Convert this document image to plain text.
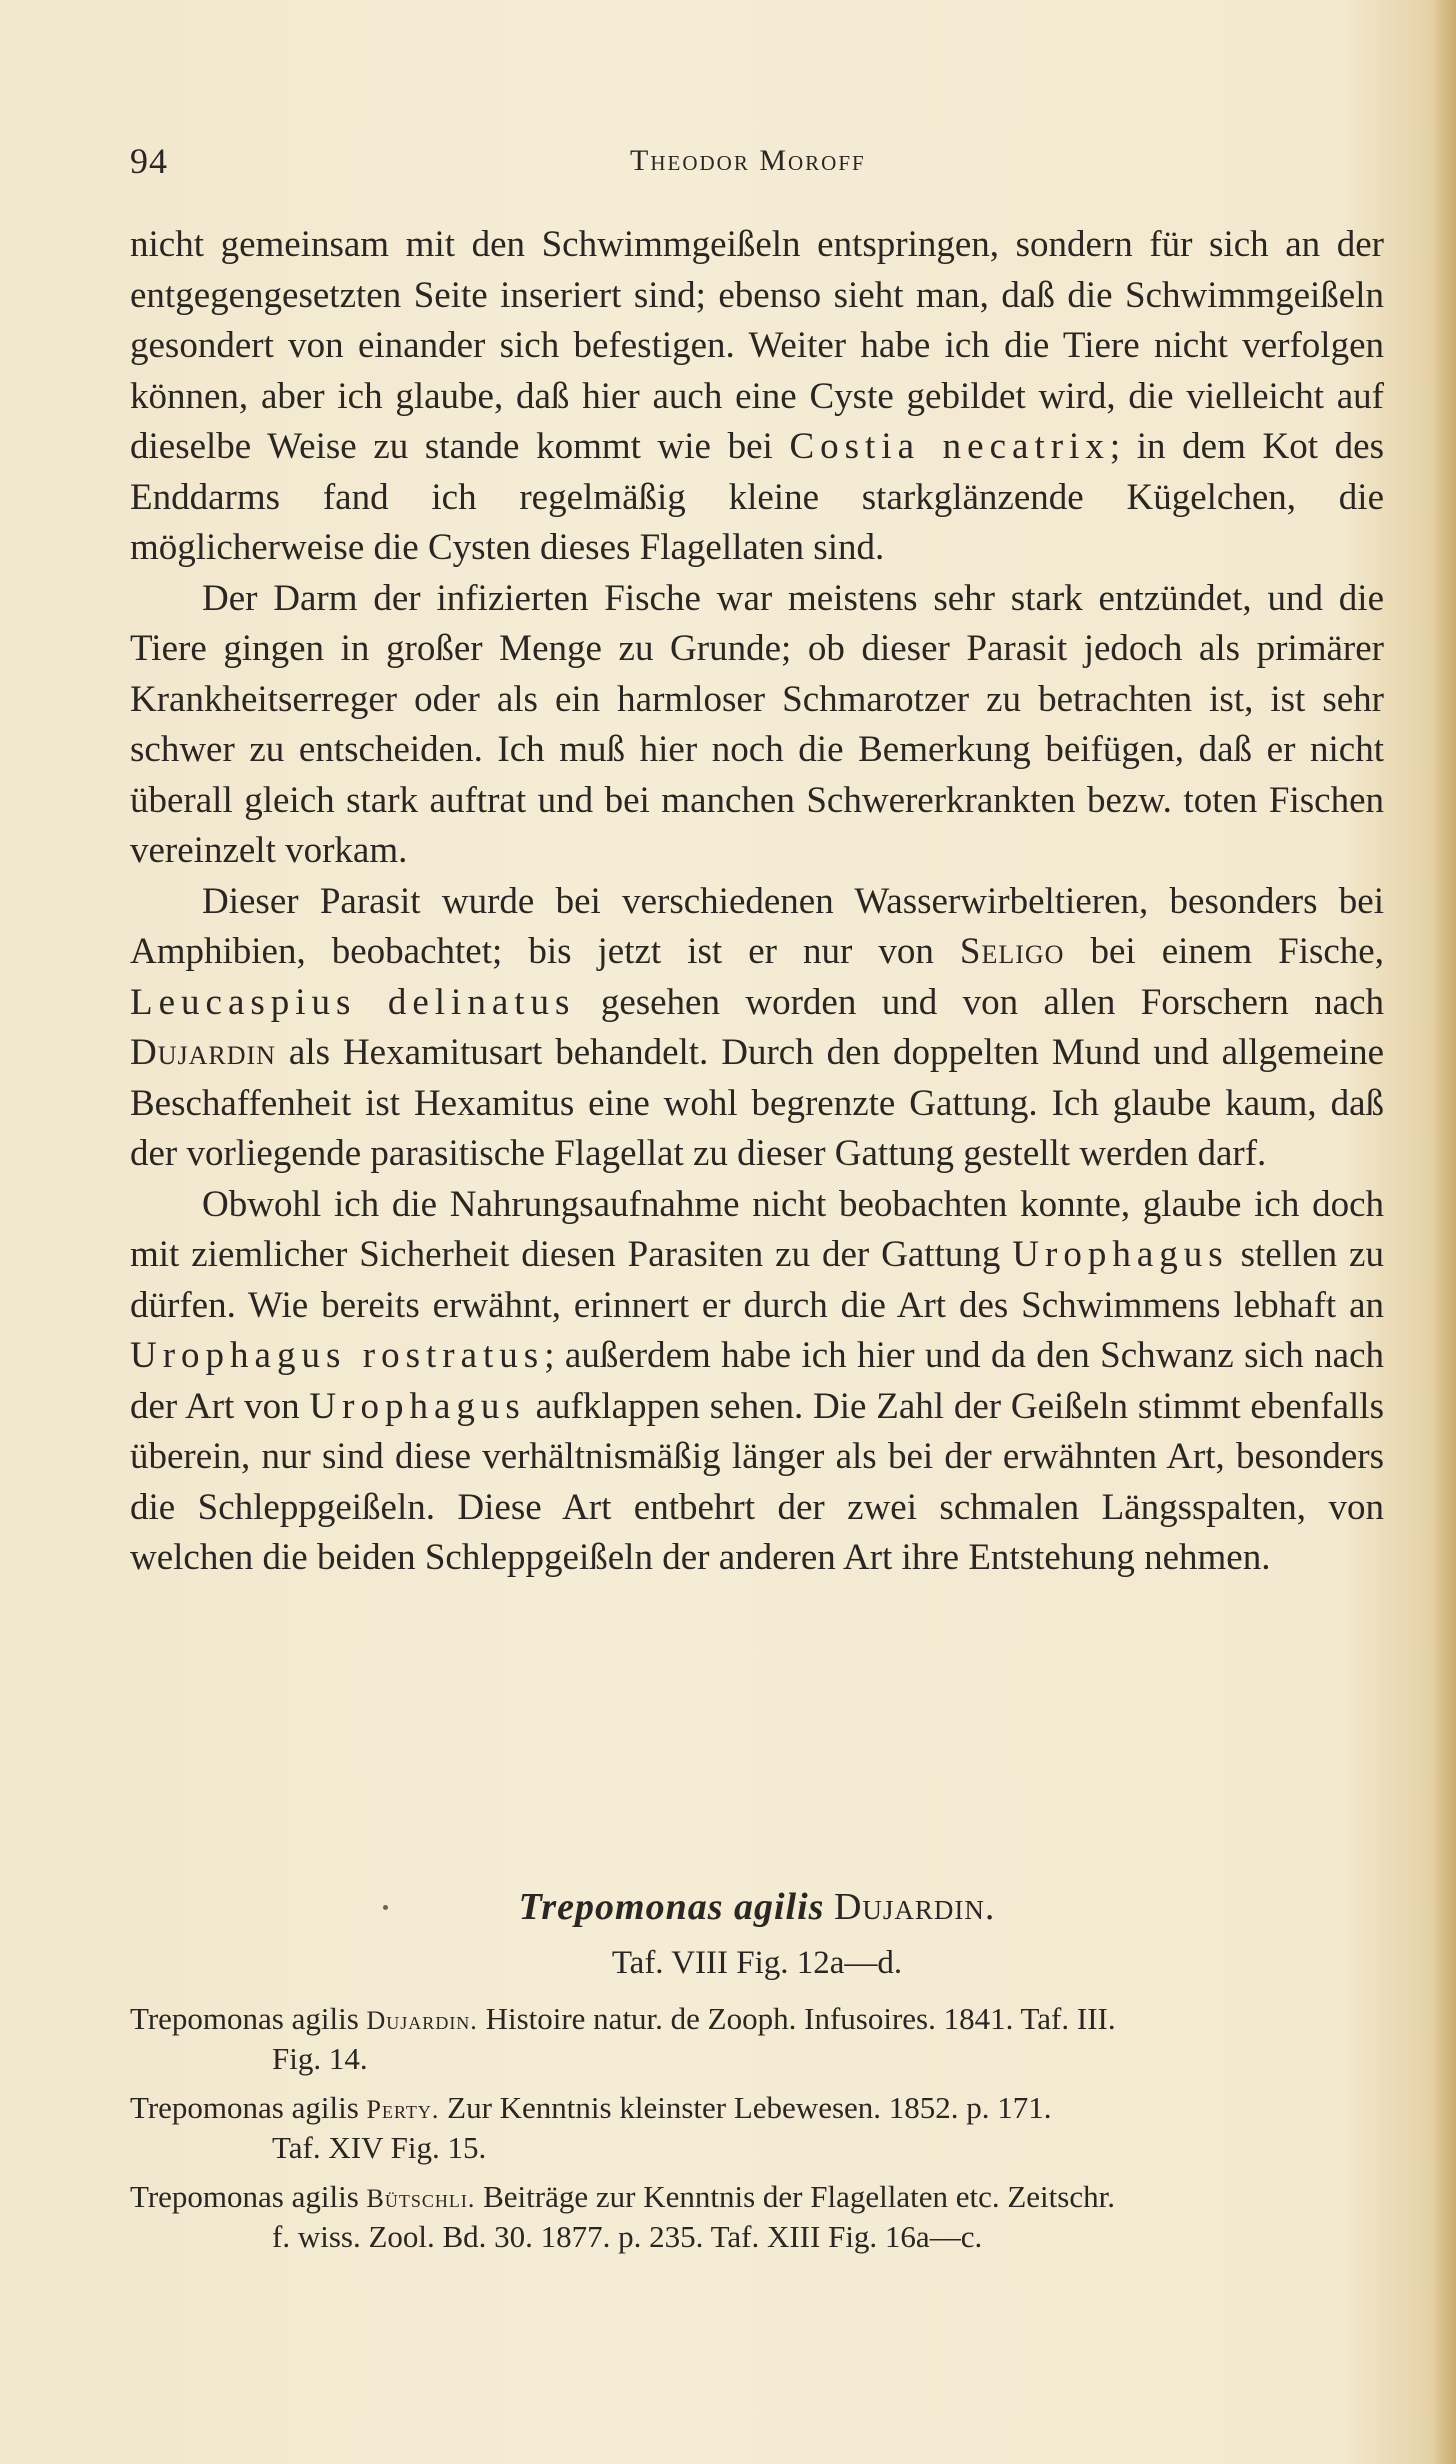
94	Theodor Moroff

nicht gemeinsam mit den Schwimmgeißeln entspringen, sondern für sich an der entgegengesetzten Seite inseriert sind; ebenso sieht man, daß die Schwimmgeißeln gesondert von einander sich befestigen. Weiter habe ich die Tiere nicht verfolgen können, aber ich glaube, daß hier auch eine Cyste gebildet wird, die vielleicht auf dieselbe Weise zu stande kommt wie bei Costia necatrix; in dem Kot des Enddarms fand ich regelmäßig kleine starkglänzende Kügelchen, die möglicherweise die Cysten dieses Flagellaten sind.

Der Darm der infizierten Fische war meistens sehr stark entzündet, und die Tiere gingen in großer Menge zu Grunde; ob dieser Parasit jedoch als primärer Krankheitserreger oder als ein harmloser Schmarotzer zu betrachten ist, ist sehr schwer zu entscheiden. Ich muß hier noch die Bemerkung beifügen, daß er nicht überall gleich stark auftrat und bei manchen Schwererkrankten bezw. toten Fischen vereinzelt vorkam.

Dieser Parasit wurde bei verschiedenen Wasserwirbeltieren, besonders bei Amphibien, beobachtet; bis jetzt ist er nur von Seligo bei einem Fische, Leucaspius delinatus gesehen worden und von allen Forschern nach Dujardin als Hexamitusart behandelt. Durch den doppelten Mund und allgemeine Beschaffenheit ist Hexamitus eine wohl begrenzte Gattung. Ich glaube kaum, daß der vorliegende parasitische Flagellat zu dieser Gattung gestellt werden darf.

Obwohl ich die Nahrungsaufnahme nicht beobachten konnte, glaube ich doch mit ziemlicher Sicherheit diesen Parasiten zu der Gattung Urophagus stellen zu dürfen. Wie bereits erwähnt, erinnert er durch die Art des Schwimmens lebhaft an Urophagus rostratus; außerdem habe ich hier und da den Schwanz sich nach der Art von Urophagus aufklappen sehen. Die Zahl der Geißeln stimmt ebenfalls überein, nur sind diese verhältnismäßig länger als bei der erwähnten Art, besonders die Schleppgeißeln. Diese Art entbehrt der zwei schmalen Längsspalten, von welchen die beiden Schleppgeißeln der anderen Art ihre Entstehung nehmen.

Trepomonas agilis Dujardin.
Taf. VIII Fig. 12a—d.
Trepomonas agilis Dujardin. Histoire natur. de Zooph. Infusoires. 1841. Taf. III.
Fig. 14.
Trepomonas agilis Perty. Zur Kenntnis kleinster Lebewesen. 1852. p. 171.
Taf. XIV Fig. 15.
Trepomonas agilis Bütschli. Beiträge zur Kenntnis der Flagellaten etc. Zeitschr.
f. wiss. Zool. Bd. 30. 1877. p. 235. Taf. XIII Fig. 16a—c.
